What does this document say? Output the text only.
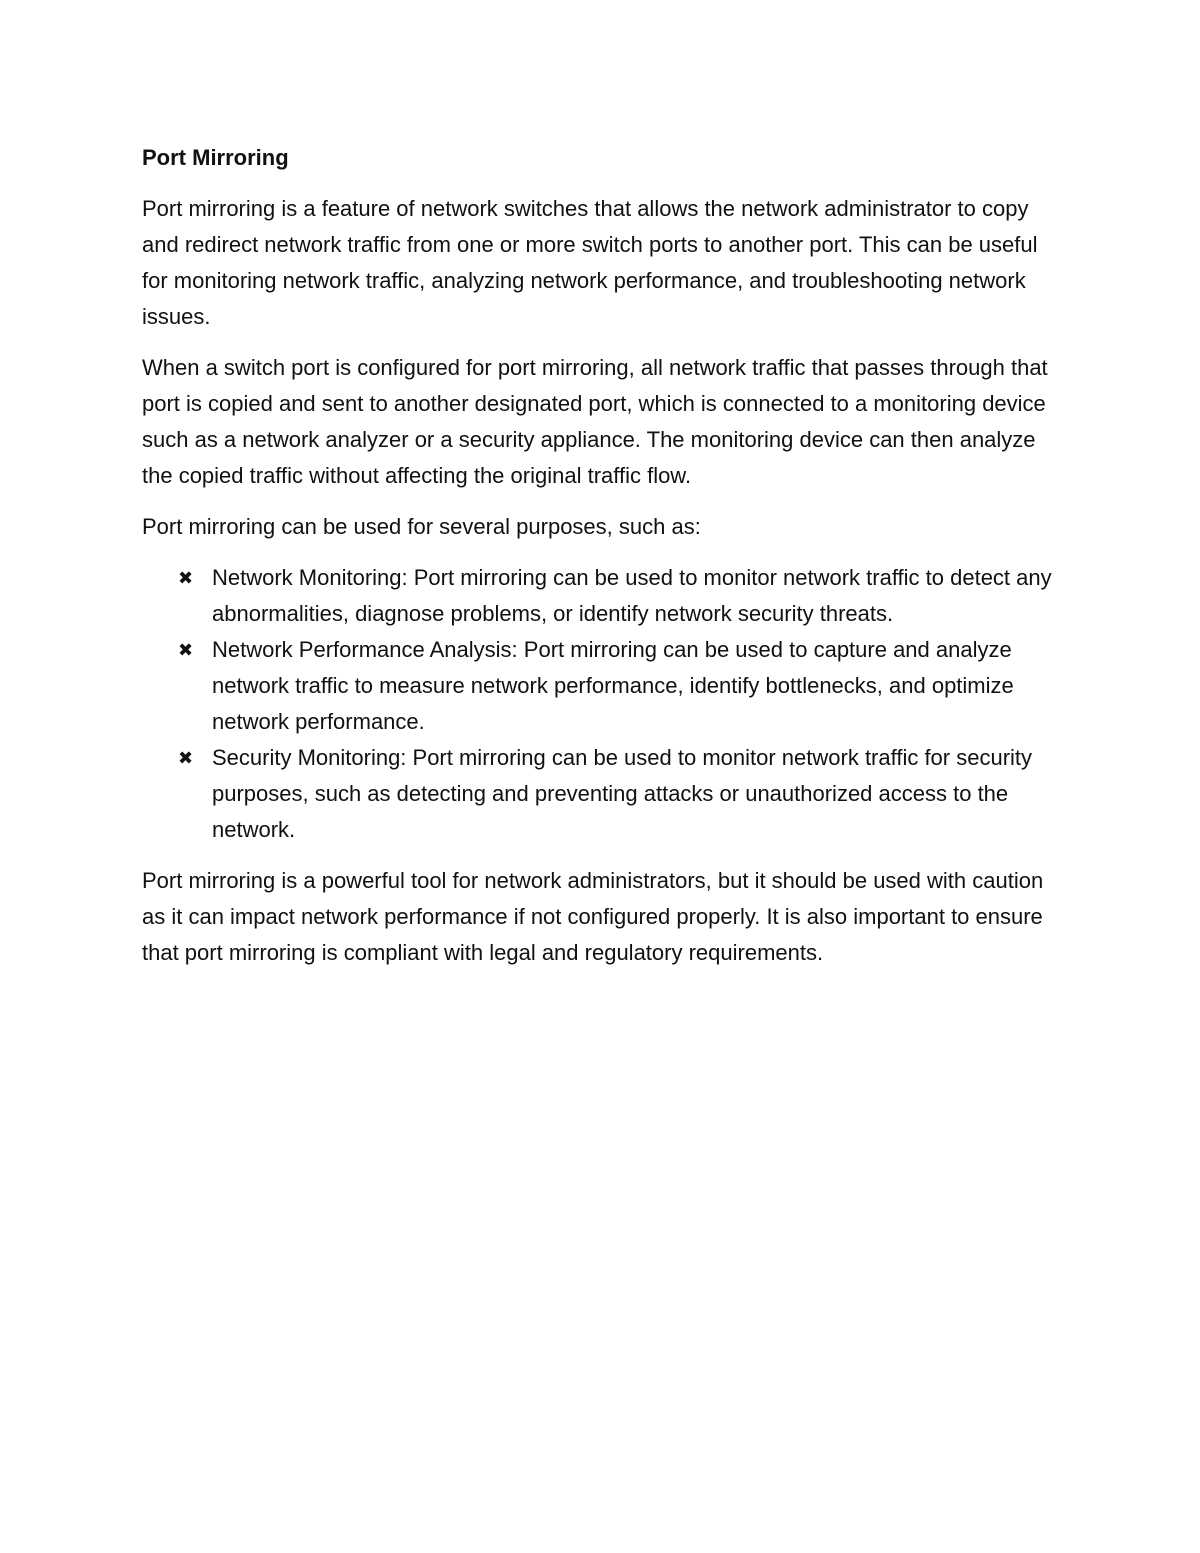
Port Mirroring

Port mirroring is a feature of network switches that allows the network administrator to copy and redirect network traffic from one or more switch ports to another port. This can be useful for monitoring network traffic, analyzing network performance, and troubleshooting network issues.

When a switch port is configured for port mirroring, all network traffic that passes through that port is copied and sent to another designated port, which is connected to a monitoring device such as a network analyzer or a security appliance. The monitoring device can then analyze the copied traffic without affecting the original traffic flow.

Port mirroring can be used for several purposes, such as:

✖ Network Monitoring: Port mirroring can be used to monitor network traffic to detect any abnormalities, diagnose problems, or identify network security threats.
✖ Network Performance Analysis: Port mirroring can be used to capture and analyze network traffic to measure network performance, identify bottlenecks, and optimize network performance.
✖ Security Monitoring: Port mirroring can be used to monitor network traffic for security purposes, such as detecting and preventing attacks or unauthorized access to the network.

Port mirroring is a powerful tool for network administrators, but it should be used with caution as it can impact network performance if not configured properly. It is also important to ensure that port mirroring is compliant with legal and regulatory requirements.
